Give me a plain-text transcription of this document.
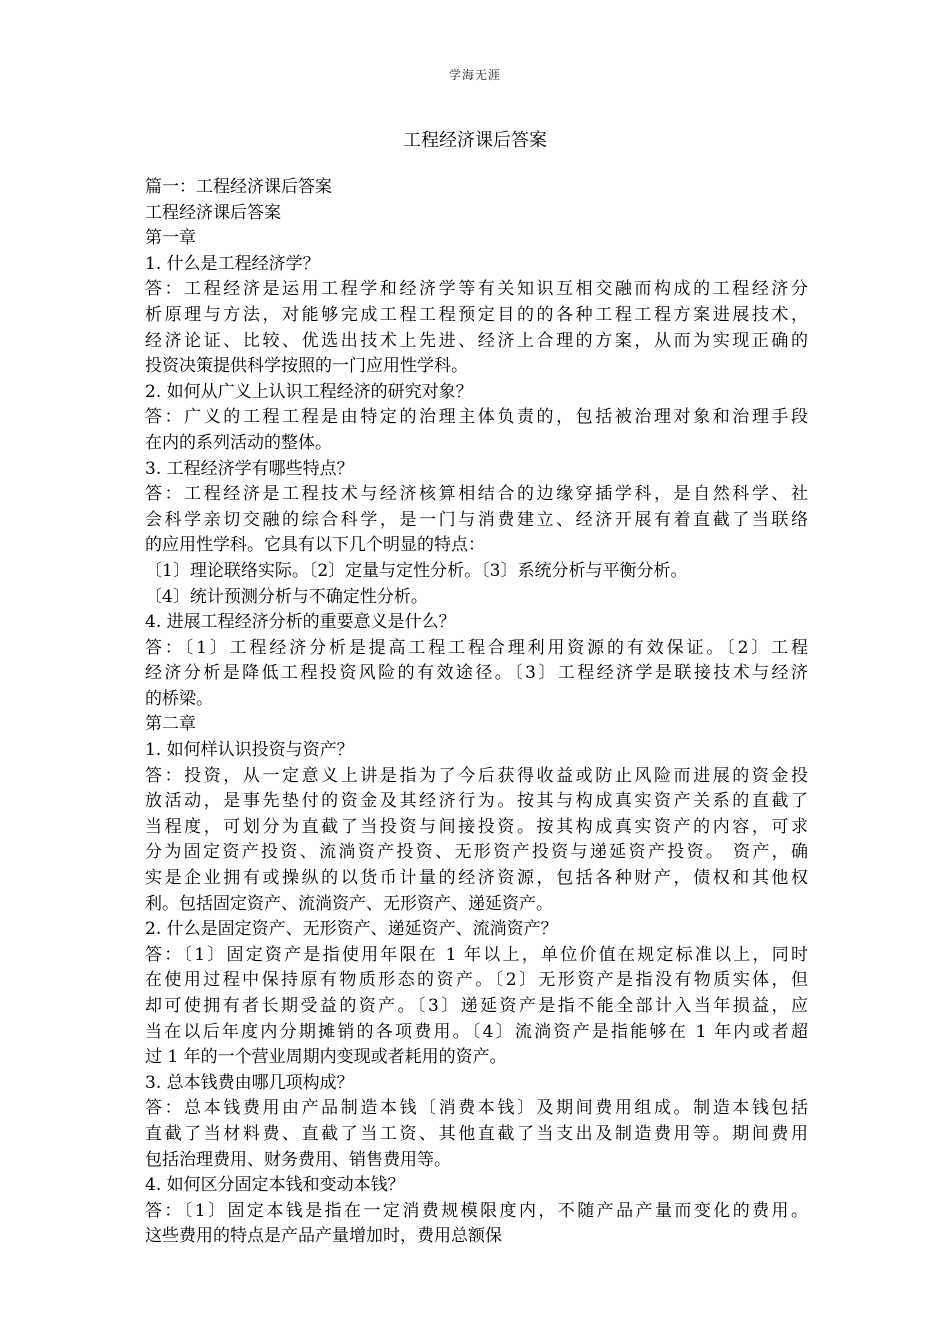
学海无涯
工程经济课后答案
篇一：工程经济课后答案
工程经济课后答案
第一章
1. 什么是工程经济学？
答：工程经济是运用工程学和经济学等有关知识互相交融而构成的工程经济分
析原理与方法，对能够完成工程工程预定目的的各种工程工程方案进展技术，
经济论证、比较、优选出技术上先进、经济上合理的方案，从而为实现正确的
投资决策提供科学按照的一门应用性学科。
2. 如何从广义上认识工程经济的研究对象？
答：广义的工程工程是由特定的治理主体负责的，包括被治理对象和治理手段
在内的系列活动的整体。
3. 工程经济学有哪些特点？
答：工程经济是工程技术与经济核算相结合的边缘穿插学科，是自然科学、社
会科学亲切交融的综合科学，是一门与消费建立、经济开展有着直截了当联络
的应用性学科。它具有以下几个明显的特点：
〔1〕理论联络实际。〔2〕定量与定性分析。〔3〕系统分析与平衡分析。
〔4〕统计预测分析与不确定性分析。
4. 进展工程经济分析的重要意义是什么？
答：〔1〕工程经济分析是提高工程工程合理利用资源的有效保证。〔2〕工程
经济分析是降低工程投资风险的有效途径。〔3〕工程经济学是联接技术与经济
的桥梁。
第二章
1. 如何样认识投资与资产？
答：投资，从一定意义上讲是指为了今后获得收益或防止风险而进展的资金投
放活动，是事先垫付的资金及其经济行为。按其与构成真实资产关系的直截了
当程度，可划分为直截了当投资与间接投资。按其构成真实资产的内容，可求
分为固定资产投资、流淌资产投资、无形资产投资与递延资产投资。 资产，确
实是企业拥有或操纵的以货币计量的经济资源，包括各种财产，债权和其他权
利。包括固定资产、流淌资产、无形资产、递延资产。
2. 什么是固定资产、无形资产、递延资产、流淌资产？
答：〔1〕固定资产是指使用年限在 1 年以上，单位价值在规定标准以上，同时
在使用过程中保持原有物质形态的资产。〔2〕无形资产是指没有物质实体，但
却可使拥有者长期受益的资产。〔3〕递延资产是指不能全部计入当年损益，应
当在以后年度内分期摊销的各项费用。〔4〕流淌资产是指能够在 1 年内或者超
过 1 年的一个营业周期内变现或者耗用的资产。
3. 总本钱费由哪几项构成？
答：总本钱费用由产品制造本钱〔消费本钱〕及期间费用组成。制造本钱包括
直截了当材料费、直截了当工资、其他直截了当支出及制造费用等。期间费用
包括治理费用、财务费用、销售费用等。
4. 如何区分固定本钱和变动本钱？
答：〔1〕固定本钱是指在一定消费规模限度内，不随产品产量而变化的费用。
这些费用的特点是产品产量增加时，费用总额保
